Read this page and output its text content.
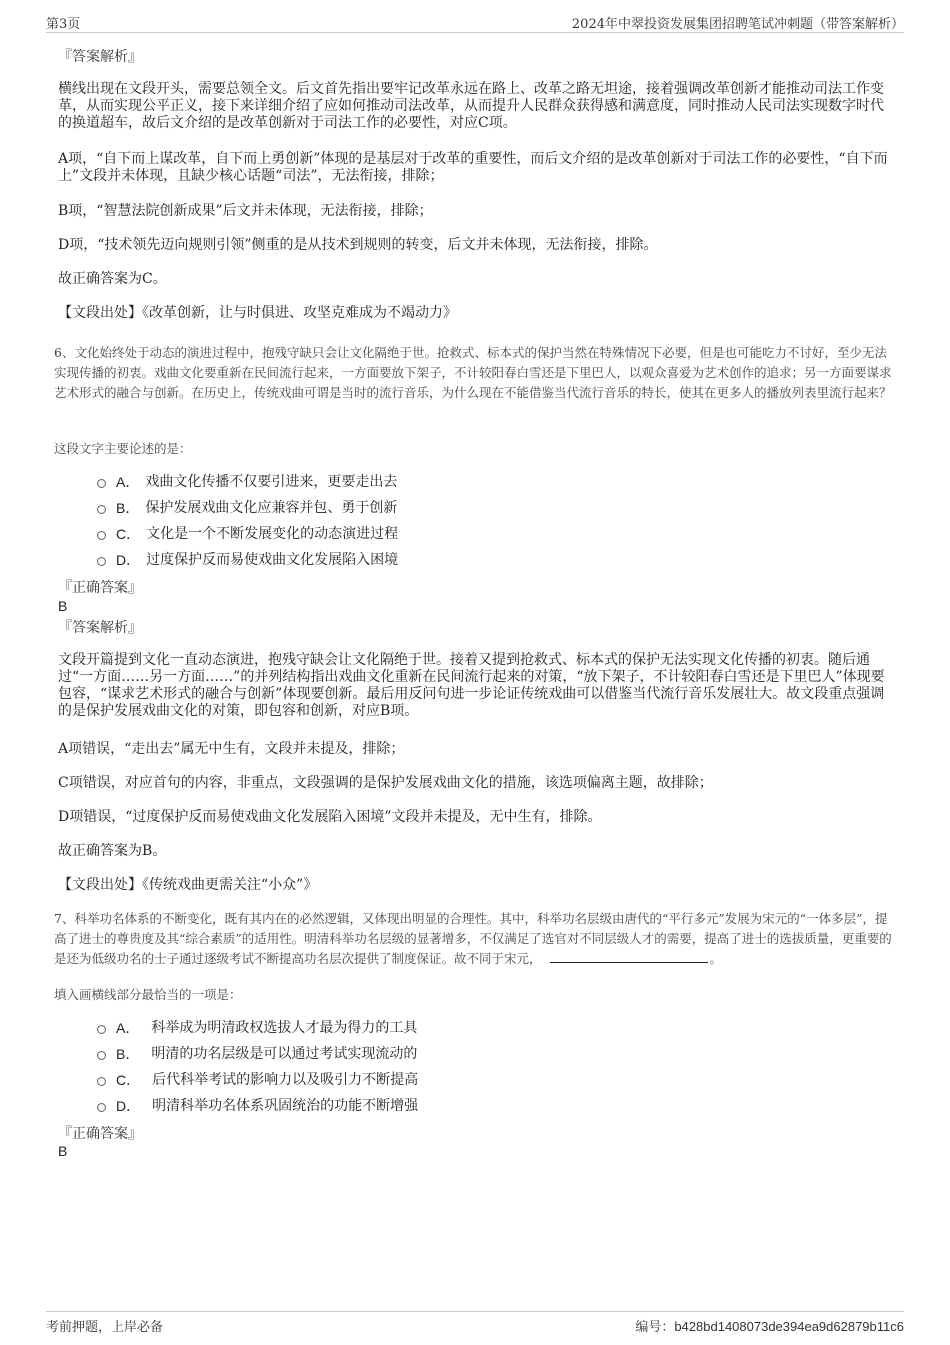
第3页	2024年中翠投资发展集团招聘笔试冲刺题（带答案解析）
『答案解析』
横线出现在文段开头，需要总领全文。后文首先指出要牢记改革永远在路上、改革之路无坦途，接着强调改革创新才能推动司法工作变革，从而实现公平正义，接下来详细介绍了应如何推动司法改革，从而提升人民群众获得感和满意度，同时推动人民司法实现数字时代的换道超车，故后文介绍的是改革创新对于司法工作的必要性，对应C项。
A项，“自下而上谋改革，自下而上勇创新”体现的是基层对于改革的重要性，而后文介绍的是改革创新对于司法工作的必要性，“自下而上”文段并未体现，且缺少核心话题“司法”，无法衔接，排除；
B项，“智慧法院创新成果”后文并未体现，无法衔接，排除；
D项，“技术领先迈向规则引领”侧重的是从技术到规则的转变，后文并未体现，无法衔接，排除。
故正确答案为C。
【文段出处】《改革创新，让与时俱进、攻坚克难成为不竭动力》
6、文化始终处于动态的演进过程中，抱残守缺只会让文化隔绝于世。抢救式、标本式的保护当然在特殊情况下必要，但是也可能吃力不讨好，至少无法实现传播的初衷。戏曲文化要重新在民间流行起来，一方面要放下架子，不计较阳春白雪还是下里巴人，以观众喜爱为艺术创作的追求；另一方面要谋求艺术形式的融合与创新。在历史上，传统戏曲可谓是当时的流行音乐，为什么现在不能借鉴当代流行音乐的特长，使其在更多人的播放列表里流行起来？
这段文字主要论述的是：
A． 戏曲文化传播不仅要引进来，更要走出去
B． 保护发展戏曲文化应兼容并包、勇于创新
C． 文化是一个不断发展变化的动态演进过程
D． 过度保护反而易使戏曲文化发展陷入困境
『正确答案』
B
『答案解析』
文段开篇提到文化一直动态演进，抱残守缺会让文化隔绝于世。接着又提到抢救式、标本式的保护无法实现文化传播的初衷。随后通过“一方面……另一方面……”的并列结构指出戏曲文化重新在民间流行起来的对策，“放下架子，不计较阳春白雪还是下里巴人”体现要包容，“谋求艺术形式的融合与创新”体现要创新。最后用反问句进一步论证传统戏曲可以借鉴当代流行音乐发展壮大。故文段重点强调的是保护发展戏曲文化的对策，即包容和创新，对应B项。
A项错误，“走出去”属无中生有，文段并未提及，排除；
C项错误，对应首句的内容，非重点，文段强调的是保护发展戏曲文化的措施，该选项偏离主题，故排除；
D项错误，“过度保护反而易使戏曲文化发展陷入困境”文段并未提及，无中生有，排除。
故正确答案为B。
【文段出处】《传统戏曲更需关注“小众”》
7、科举功名体系的不断变化，既有其内在的必然逻辑，又体现出明显的合理性。其中，科举功名层级由唐代的“平行多元”发展为宋元的“一体多层”，提高了进士的尊贵度及其“综合素质”的适用性。明清科举功名层级的显著增多，不仅满足了选官对不同层级人才的需要，提高了进士的选拔质量，更重要的是还为低级功名的士子通过逐级考试不断提高功名层次提供了制度保证。故不同于宋元，	。
填入画横线部分最恰当的一项是：
A． 科举成为明清政权选拔人才最为得力的工具
B． 明清的功名层级是可以通过考试实现流动的
C． 后代科举考试的影响力以及吸引力不断提高
D． 明清科举功名体系巩固统治的功能不断增强
『正确答案』
B
考前押题，上岸必备	编号：b428bd1408073de394ea9d62879b11c6
